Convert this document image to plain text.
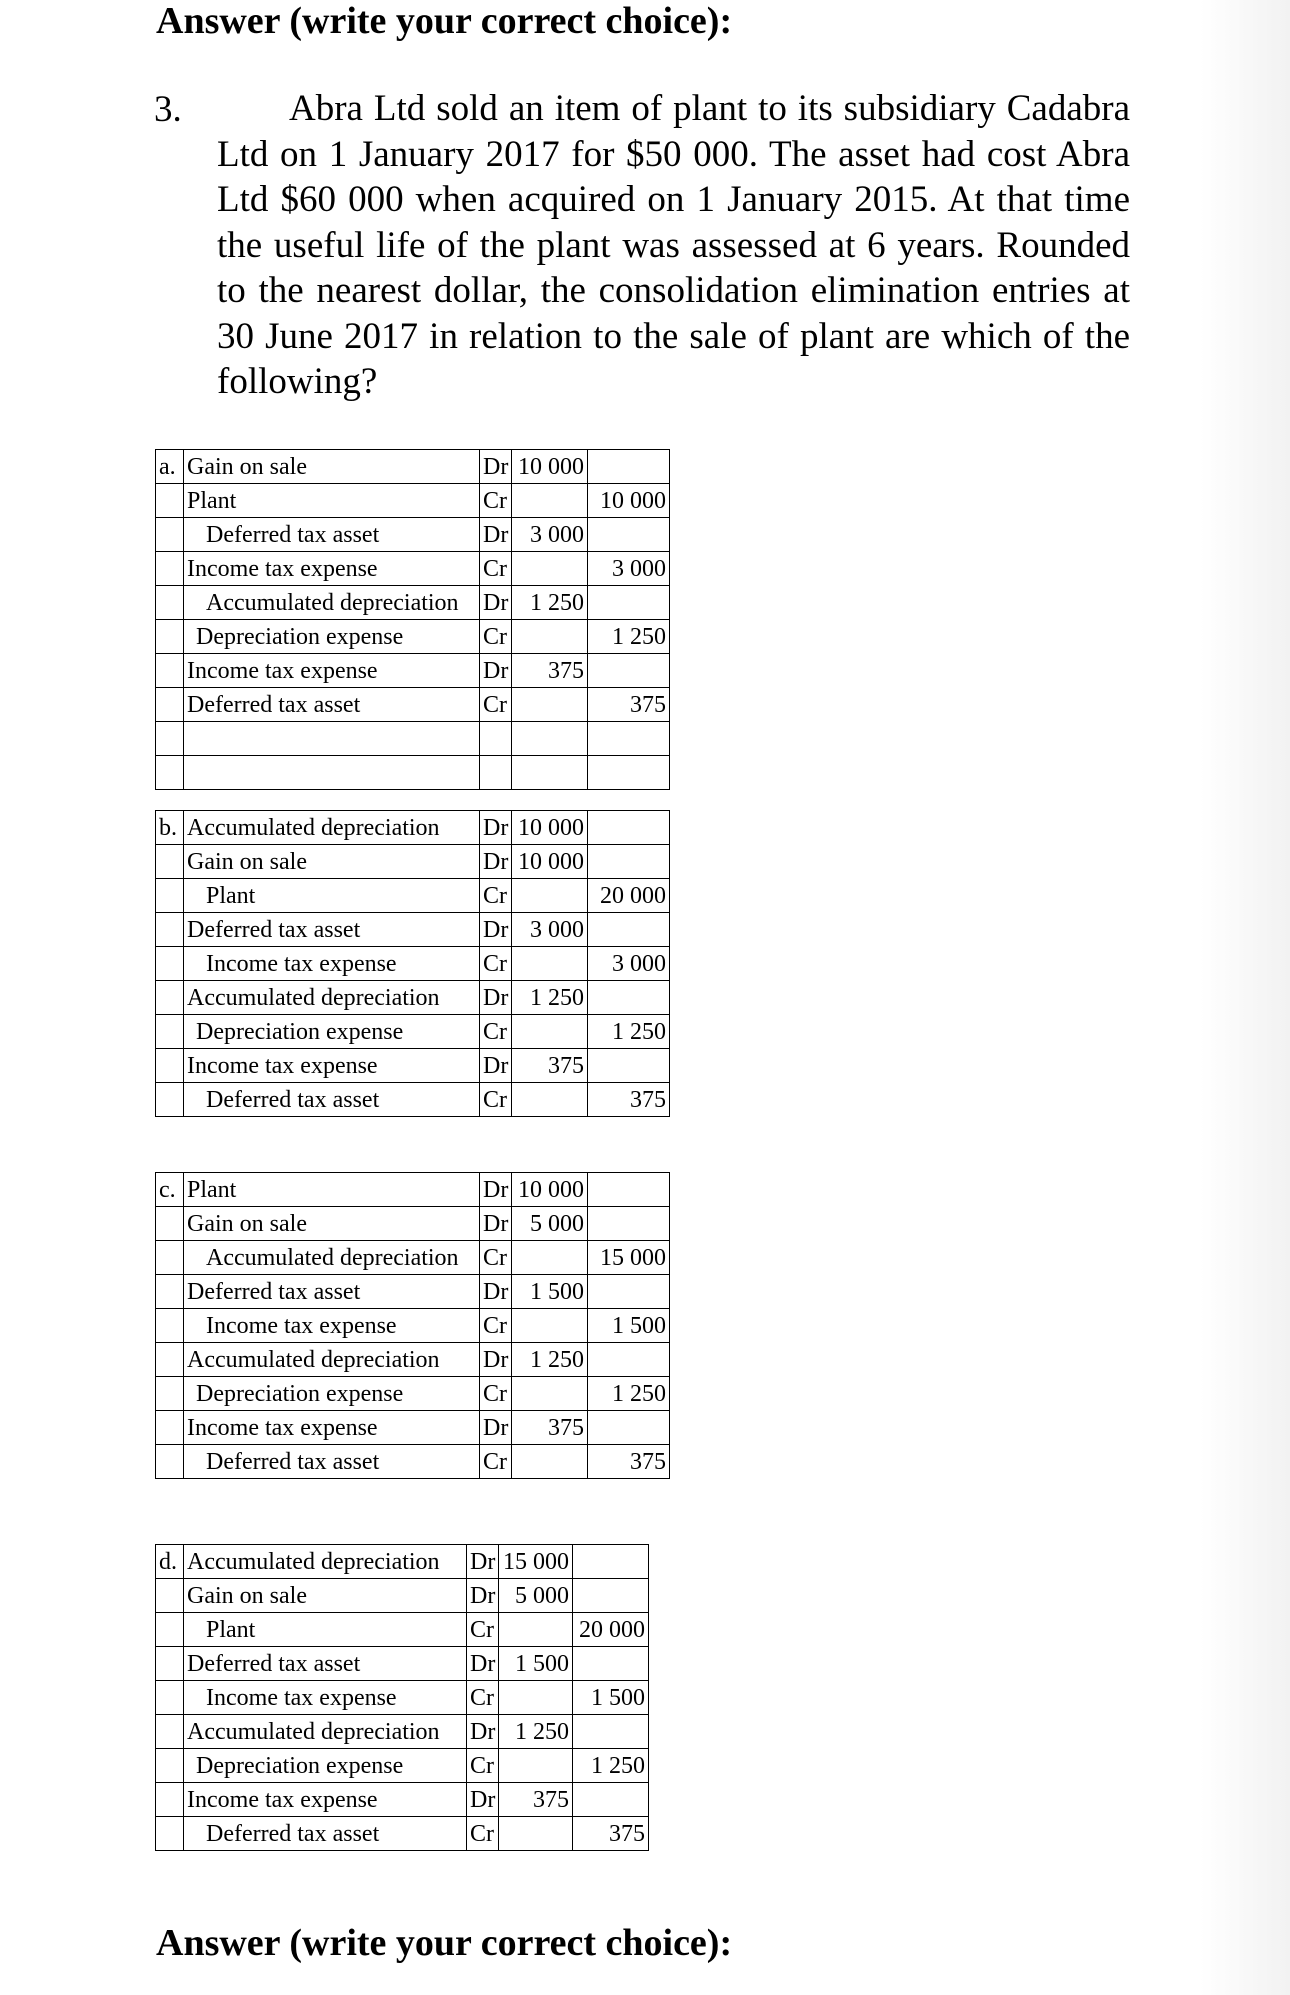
Answer (write your correct choice):
3.	Abra Ltd sold an item of plant to its subsidiary Cadabra Ltd on 1 January 2017 for $50 000. The asset had cost Abra Ltd $60 000 when acquired on 1 January 2015. At that time the useful life of the plant was assessed at 6 years. Rounded to the nearest dollar, the consolidation elimination entries at 30 June 2017 in relation to the sale of plant are which of the following?

a.	Gain on sale	Dr	10 000	
	Plant	Cr		10 000
	Deferred tax asset	Dr	3 000	
	Income tax expense	Cr		3 000
	Accumulated depreciation	Dr	1 250	
	Depreciation expense	Cr		1 250
	Income tax expense	Dr	375	
	Deferred tax asset	Cr		375

b.	Accumulated depreciation	Dr	10 000	
	Gain on sale	Dr	10 000	
	Plant	Cr		20 000
	Deferred tax asset	Dr	3 000	
	Income tax expense	Cr		3 000
	Accumulated depreciation	Dr	1 250	
	Depreciation expense	Cr		1 250
	Income tax expense	Dr	375	
	Deferred tax asset	Cr		375
c.	Plant	Dr	10 000	
	Gain on sale	Dr	5 000	
	Accumulated depreciation	Cr		15 000
	Deferred tax asset	Dr	1 500	
	Income tax expense	Cr		1 500
	Accumulated depreciation	Dr	1 250	
	Depreciation expense	Cr		1 250
	Income tax expense	Dr	375	
	Deferred tax asset	Cr		375
d.	Accumulated depreciation	Dr	15 000	
	Gain on sale	Dr	5 000	
	Plant	Cr		20 000
	Deferred tax asset	Dr	1 500	
	Income tax expense	Cr		1 500
	Accumulated depreciation	Dr	1 250	
	Depreciation expense	Cr		1 250
	Income tax expense	Dr	375	
	Deferred tax asset	Cr		375
Answer (write your correct choice):
